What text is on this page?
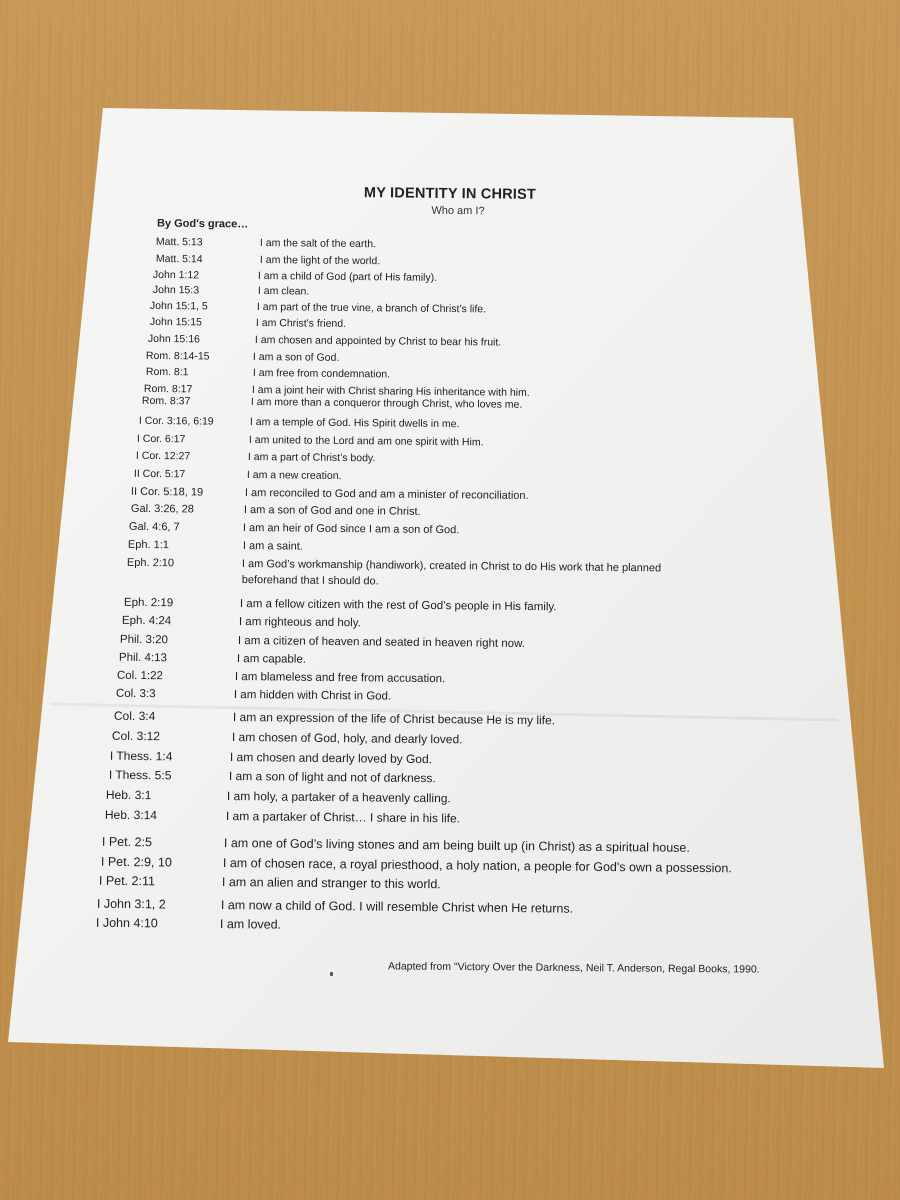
MY IDENTITY IN CHRIST
Who am I?
By God's grace…
Matt. 5:13	I am the salt of the earth.
Matt. 5:14	I am the light of the world.
John 1:12	I am a child of God (part of His family).
John 15:3	I am clean.
John 15:1, 5	I am part of the true vine, a branch of Christ’s life.
John 15:15	I am Christ's friend.
John 15:16	I am chosen and appointed by Christ to bear his fruit.
Rom. 8:14-15	I am a son of God.
Rom. 8:1	I am free from condemnation.
Rom. 8:17	I am a joint heir with Christ sharing His inheritance with him.
Rom. 8:37	I am more than a conqueror through Christ, who loves me.
I Cor. 3:16, 6:19	I am a temple of God. His Spirit dwells in me.
I Cor. 6:17	I am united to the Lord and am one spirit with Him.
I Cor. 12:27	I am a part of Christ’s body.
II Cor. 5:17	I am a new creation.
II Cor. 5:18, 19	I am reconciled to God and am a minister of reconciliation.
Gal. 3:26, 28	I am a son of God and one in Christ.
Gal. 4:6, 7	I am an heir of God since I am a son of God.
Eph. 1:1	I am a saint.
Eph. 2:10	I am God’s workmanship (handiwork), created in Christ to do His work that he planned
beforehand that I should do.
Eph. 2:19	I am a fellow citizen with the rest of God’s people in His family.
Eph. 4:24	I am righteous and holy.
Phil. 3:20	I am a citizen of heaven and seated in heaven right now.
Phil. 4:13	I am capable.
Col. 1:22	I am blameless and free from accusation.
Col. 3:3	I am hidden with Christ in God.
Col. 3:4	I am an expression of the life of Christ because He is my life.
Col. 3:12	I am chosen of God, holy, and dearly loved.
I Thess. 1:4	I am chosen and dearly loved by God.
I Thess. 5:5	I am a son of light and not of darkness.
Heb. 3:1	I am holy, a partaker of a heavenly calling.
Heb. 3:14	I am a partaker of Christ… I share in his life.
I Pet. 2:5	I am one of God’s living stones and am being built up (in Christ) as a spiritual house.
I Pet. 2:9, 10	I am of chosen race, a royal priesthood, a holy nation, a people for God's own a possession.
I Pet. 2:11	I am an alien and stranger to this world.
I John 3:1, 2	I am now a child of God. I will resemble Christ when He returns.
I John 4:10	I am loved.
Adapted from "Victory Over the Darkness, Neil T. Anderson, Regal Books, 1990.
